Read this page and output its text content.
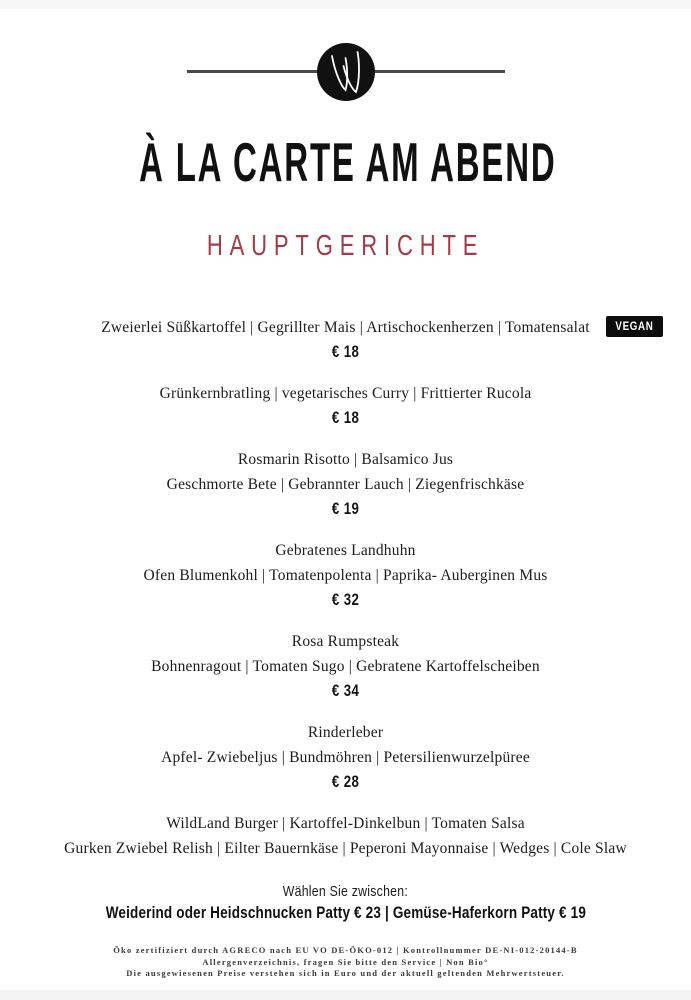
À LA CARTE AM ABEND
HAUPTGERICHTE
Zweierlei Süßkartoffel | Gegrillter Mais | Artischockenherzen | Tomatensalat
€ 18
VEGAN
Grünkernbratling | vegetarisches Curry | Frittierter Rucola
€ 18
Rosmarin Risotto | Balsamico Jus
Geschmorte Bete | Gebrannter Lauch | Ziegenfrischkäse
€ 19
Gebratenes Landhuhn
Ofen Blumenkohl | Tomatenpolenta | Paprika- Auberginen Mus
€ 32
Rosa Rumpsteak
Bohnenragout | Tomaten Sugo | Gebratene Kartoffelscheiben
€ 34
Rinderleber
Apfel- Zwiebeljus | Bundmöhren | Petersilienwurzelpüree
€ 28
WildLand Burger | Kartoffel-Dinkelbun | Tomaten Salsa
Gurken Zwiebel Relish | Eilter Bauernkäse | Peperoni Mayonnaise | Wedges | Cole Slaw
Wählen Sie zwischen:
Weiderind oder Heidschnucken Patty € 23 | Gemüse-Haferkorn Patty € 19
Öko zertifiziert durch AGRECO nach EU VO DE-ÖKO-012 | Kontrollnummer DE-NI-012-20144-B
Allergenverzeichnis, fragen Sie bitte den Service | Non Bio°
Die ausgewiesenen Preise verstehen sich in Euro und der aktuell geltenden Mehrwertsteuer.
